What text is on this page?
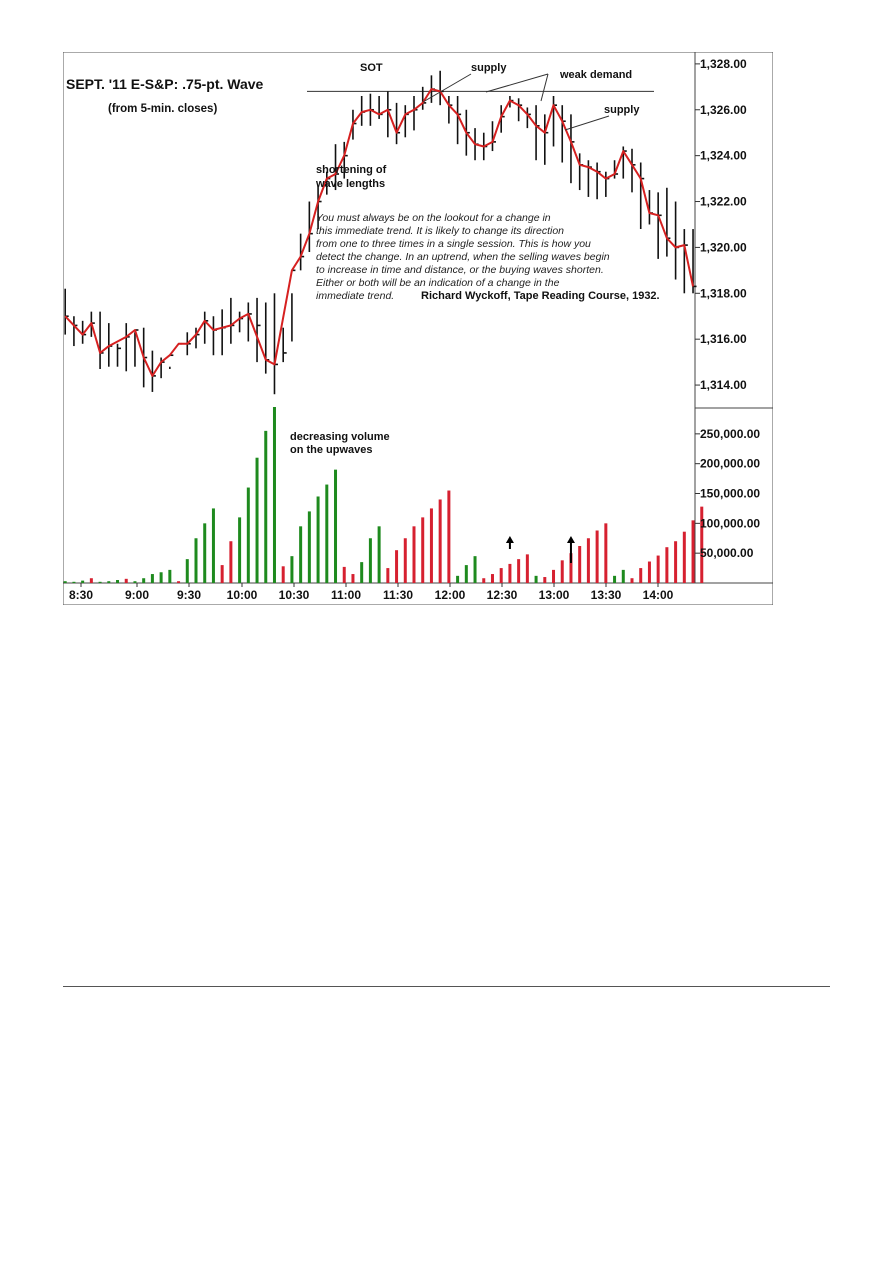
1,314.00
1,316.00
1,318.00
1,320.00
1,322.00
1,324.00
1,326.00
1,328.00
50,000.00
100,000.00
150,000.00
200,000.00
250,000.00
8:30	9:00 9:30 10:00 10:30 11:00 11:30 12:00 12:30 13:00 13:30 14:00
SEPT. '11 E-S&P: .75-pt. Wave
(from 5-min. closes)
SOT	supply
weak demand
supply
shortening of
wave lengths
decreasing volume
on the upwaves
You must always be on the lookout for a change in
this immediate trend. It is likely to change its direction
from one to three times in a single session. This is how you
detect the change. In an uptrend, when the selling waves begin
to increase in time and distance, or the buying waves shorten.
Either or both will be an indication of a change in the
immediate trend. Richard Wyckoff, Tape Reading Course, 1932.
